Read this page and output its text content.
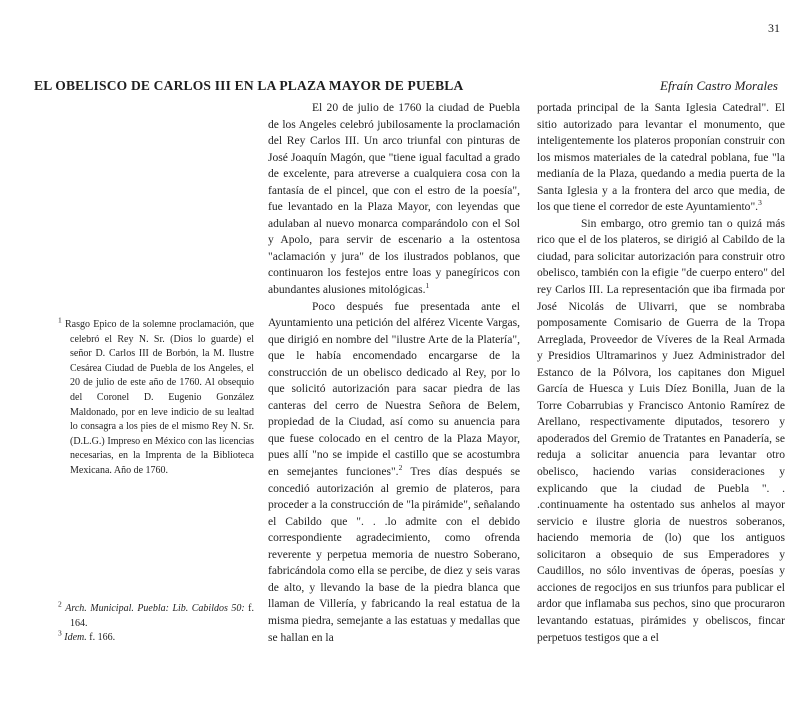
31
EL OBELISCO DE CARLOS III EN LA PLAZA MAYOR DE PUEBLA	Efraín Castro Morales
$^1$ Rasgo Epico de la solemne proclamación, que celebró el Rey N. Sr. (Dios lo guarde) el señor D. Carlos III de Borbón, la M. Ilustre Cesárea Ciudad de Puebla de los Angeles, el 20 de julio de este año de 1760. Al obsequio del Coronel D. Eugenio González Maldonado, por en leve indicio de su lealtad lo consagra a los pies de el mismo Rey N. Sr. (D.L.G.) Impreso en México con las licencias necesarias, en la Imprenta de la Biblioteca Mexicana. Año de 1760.
$^2$ Arch. Municipal. Puebla: Lib. Cabildos 50: f. 164.
$^3$ Idem. f. 166.

El 20 de julio de 1760 la ciudad de Puebla de los Angeles celebró jubilosamente la proclamación del Rey Carlos III. Un arco triunfal con pinturas de José Joaquín Magón, que "tiene igual facultad a grado de excelente, para atreverse a cualquiera cosa con la fantasía de el pincel, que con el estro de la poesía", fue levantado en la Plaza Mayor, con leyendas que adulaban al nuevo monarca comparándolo con el Sol y Apolo, para servir de escenario a la ostentosa "aclamación y jura" de los ilustrados poblanos, que continuaron los festejos entre loas y panegíricos con abundantes alusiones mitológicas.$^1$

Poco después fue presentada ante el Ayuntamiento una petición del alférez Vicente Vargas, que dirigió en nombre del "ilustre Arte de la Platería", que le había encomendado encargarse de la construcción de un obelisco dedicado al Rey, por lo que solicitó autorización para sacar piedra de las canteras del cerro de Nuestra Señora de Belem, propiedad de la Ciudad, así como su anuencia para que fuese colocado en el centro de la Plaza Mayor, pues allí "no se impide el castillo que se acostumbra en semejantes funciones".$^2$ Tres días después se concedió autorización al gremio de plateros, para proceder a la construcción de "la pirámide", señalando el Cabildo que ". . .lo admite con el debido correspondiente agradecimiento, como ofrenda reverente y perpetua memoria de nuestro Soberano, fabricándola como ella se percibe, de diez y seis varas de alto, y llevando la base de la piedra blanca que llaman de Villería, y fabricando la real estatua de la misma piedra, semejante a las estatuas y medallas que se hallan en la

portada principal de la Santa Iglesia Catedral". El sitio autorizado para levantar el monumento, que inteligentemente los plateros proponían construir con los mismos materiales de la catedral poblana, fue "la medianía de la Plaza, quedando a media puerta de la Santa Iglesia y a la frontera del arco que media, de los que tiene el corredor de este Ayuntamiento".$^3$

Sin embargo, otro gremio tan o quizá más rico que el de los plateros, se dirigió al Cabildo de la ciudad, para solicitar autorización para construir otro obelisco, también con la efigie "de cuerpo entero" del rey Carlos III. La representación que iba firmada por José Nicolás de Ulivarri, que se nombraba pomposamente Comisario de Guerra de la Tropa Arreglada, Proveedor de Víveres de la Real Armada y Presidios Ultramarinos y Juez Administrador del Estanco de la Pólvora, los capitanes don Miguel García de Huesca y Luis Díez Bonilla, Juan de la Torre Cobarrubias y Francisco Antonio Ramírez de Arellano, respectivamente diputados, tesorero y apoderados del Gremio de Tratantes en Panadería, se reduja a solicitar anuencia para levantar otro obelisco, haciendo varias consideraciones y explicando que la ciudad de Puebla ". . .continuamente ha ostentado sus anhelos al mayor servicio e ilustre gloria de nuestros soberanos, haciendo memoria de (lo) que los antiguos solicitaron a obsequio de sus Emperadores y Caudillos, no sólo inventivas de óperas, poesías y acciones de regocijos en sus triunfos para publicar el ardor que inflamaba sus pechos, sino que procuraron levantando estatuas, pirámides y obeliscos, fincar perpetuos testigos que a el
